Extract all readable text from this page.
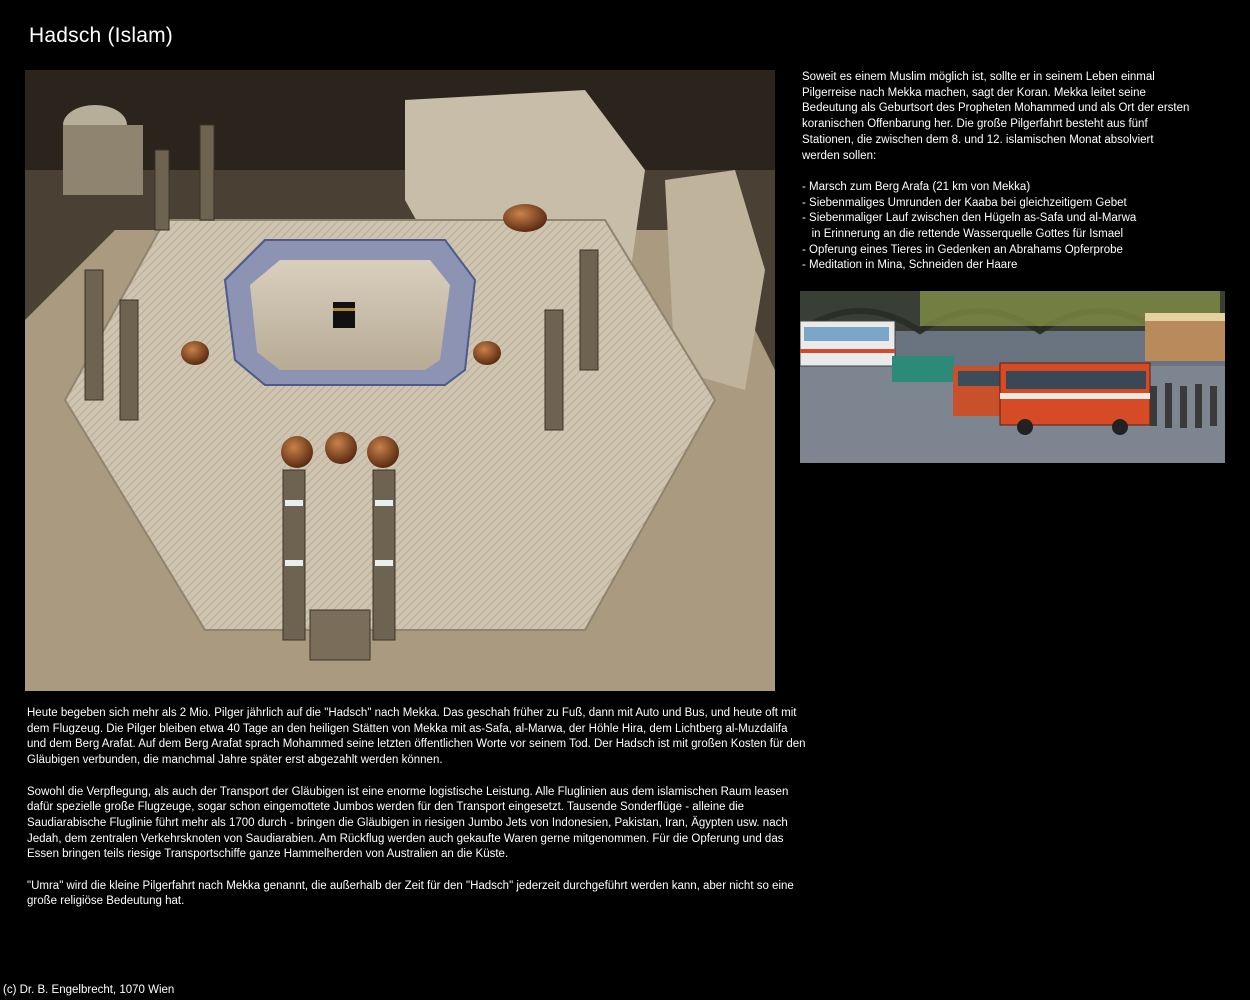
Hadsch (Islam)

Soweit es einem Muslim möglich ist, sollte er in seinem Leben einmal Pilgerreise nach Mekka machen, sagt der Koran. Mekka leitet seine Bedeutung als Geburtsort des Propheten Mohammed und als Ort der ersten koranischen Offenbarung her. Die große Pilgerfahrt besteht aus fünf Stationen, die zwischen dem 8. und 12. islamischen Monat absolviert werden sollen:

- Marsch zum Berg Arafa (21 km von Mekka)
- Siebenmaliges Umrunden der Kaaba bei gleichzeitigem Gebet
- Siebenmaliger Lauf zwischen den Hügeln as-Safa und al-Marwa
in Erinnerung an die rettende Wasserquelle Gottes für Ismael
- Opferung eines Tieres in Gedenken an Abrahams Opferprobe
- Meditation in Mina, Schneiden der Haare

Heute begeben sich mehr als 2 Mio. Pilger jährlich auf die "Hadsch" nach Mekka. Das geschah früher zu Fuß, dann mit Auto und Bus, und heute oft mit dem Flugzeug. Die Pilger bleiben etwa 40 Tage an den heiligen Stätten von Mekka mit as-Safa, al-Marwa, der Höhle Hira, dem Lichtberg al-Muzdalifa und dem Berg Arafat. Auf dem Berg Arafat sprach Mohammed seine letzten öffentlichen Worte vor seinem Tod. Der Hadsch ist mit großen Kosten für den Gläubigen verbunden, die manchmal Jahre später erst abgezahlt werden können.

Sowohl die Verpflegung, als auch der Transport der Gläubigen ist eine enorme logistische Leistung. Alle Fluglinien aus dem islamischen Raum leasen dafür spezielle große Flugzeuge, sogar schon eingemottete Jumbos werden für den Transport eingesetzt. Tausende Sonderflüge - alleine die Saudiarabische Fluglinie führt mehr als 1700 durch - bringen die Gläubigen in riesigen Jumbo Jets von Indonesien, Pakistan, Iran, Ägypten usw. nach Jedah, dem zentralen Verkehrsknoten von Saudiarabien. Am Rückflug werden auch gekaufte Waren gerne mitgenommen. Für die Opferung und das Essen bringen teils riesige Transportschiffe ganze Hammelherden von Australien an die Küste.

"Umra" wird die kleine Pilgerfahrt nach Mekka genannt, die außerhalb der Zeit für den "Hadsch" jederzeit durchgeführt werden kann, aber nicht so eine große religiöse Bedeutung hat.

(c) Dr. B. Engelbrecht, 1070 Wien
